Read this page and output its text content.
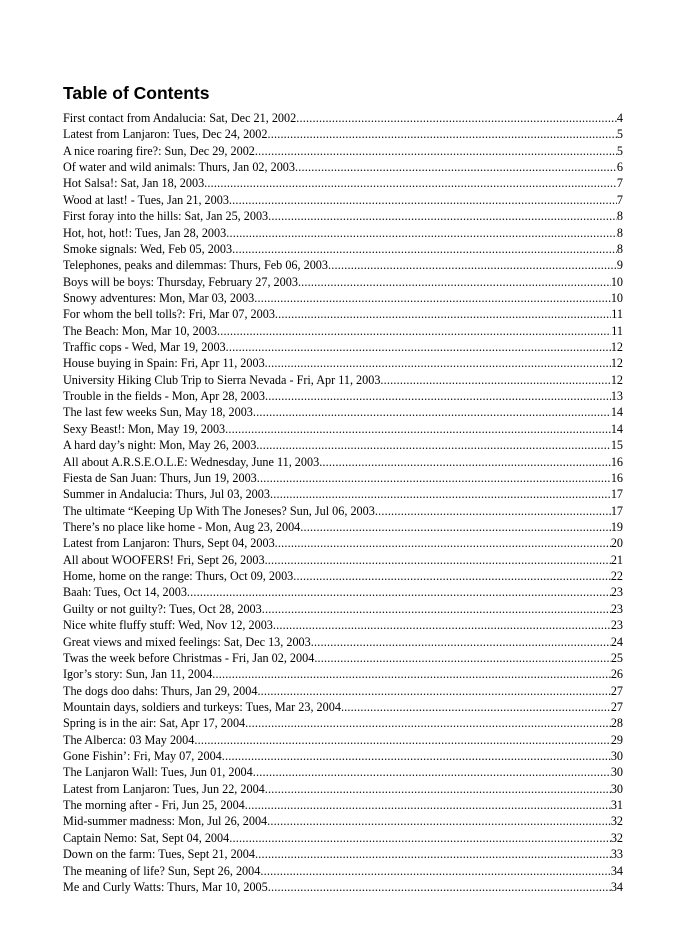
Table of Contents
First contact from Andalucia: Sat, Dec 21, 2002 .....	4
Latest from Lanjaron: Tues, Dec 24, 2002 .....	5
A nice roaring fire?: Sun, Dec 29, 2002 .....	5
Of water and wild animals: Thurs, Jan 02, 2003 .....	6
Hot Salsa!: Sat, Jan 18, 2003 .....	7
Wood at last! - Tues, Jan 21, 2003 .....	7
First foray into the hills: Sat, Jan 25, 2003 .....	8
Hot, hot, hot!: Tues, Jan 28, 2003 .....	8
Smoke signals: Wed, Feb 05, 2003 .....	8
Telephones, peaks and dilemmas: Thurs, Feb 06, 2003 .....	9
Boys will be boys: Thursday, February 27, 2003 .....	10
Snowy adventures: Mon, Mar 03, 2003 .....	10
For whom the bell tolls?: Fri, Mar 07, 2003 .....	11
The Beach: Mon, Mar 10, 2003 .....	11
Traffic cops - Wed, Mar 19, 2003 .....	12
House buying in Spain: Fri, Apr 11, 2003 .....	12
University Hiking Club Trip to Sierra Nevada - Fri, Apr 11, 2003 .....	12
Trouble in the fields - Mon, Apr 28, 2003 .....	13
The last few weeks Sun, May 18, 2003 .....	14
Sexy Beast!: Mon, May 19, 2003 .....	14
A hard day’s night: Mon, May 26, 2003 .....	15
All about A.R.S.E.O.L.E: Wednesday, June 11, 2003 .....	16
Fiesta de San Juan: Thurs, Jun 19, 2003 .....	16
Summer in Andalucia: Thurs, Jul 03, 2003 .....	17
The ultimate “Keeping Up With The Joneses? Sun, Jul 06, 2003 .....	17
There’s no place like home - Mon, Aug 23, 2004 .....	19
Latest from Lanjaron: Thurs, Sept 04, 2003 .....	20
All about WOOFERS! Fri, Sept 26, 2003 .....	21
Home, home on the range: Thurs, Oct 09, 2003 .....	22
Baah: Tues, Oct 14, 2003 .....	23
Guilty or not guilty?: Tues, Oct 28, 2003 .....	23
Nice white fluffy stuff: Wed, Nov 12, 2003 .....	23
Great views and mixed feelings: Sat, Dec 13, 2003 .....	24
Twas the week before Christmas - Fri, Jan 02, 2004 .....	25
Igor’s story: Sun, Jan 11, 2004 .....	26
The dogs doo dahs: Thurs, Jan 29, 2004 .....	27
Mountain days, soldiers and turkeys: Tues, Mar 23, 2004 .....	27
Spring is in the air: Sat, Apr 17, 2004 .....	28
The Alberca: 03 May 2004 .....	29
Gone Fishin’: Fri, May 07, 2004 .....	30
The Lanjaron Wall: Tues, Jun 01, 2004 .....	30
Latest from Lanjaron: Tues, Jun 22, 2004 .....	30
The morning after - Fri, Jun 25, 2004 .....	31
Mid-summer madness: Mon, Jul 26, 2004 .....	32
Captain Nemo: Sat, Sept 04, 2004 .....	32
Down on the farm: Tues, Sept 21, 2004 .....	33
The meaning of life? Sun, Sept 26, 2004 .....	34
Me and Curly Watts: Thurs, Mar 10, 2005 .....	34
